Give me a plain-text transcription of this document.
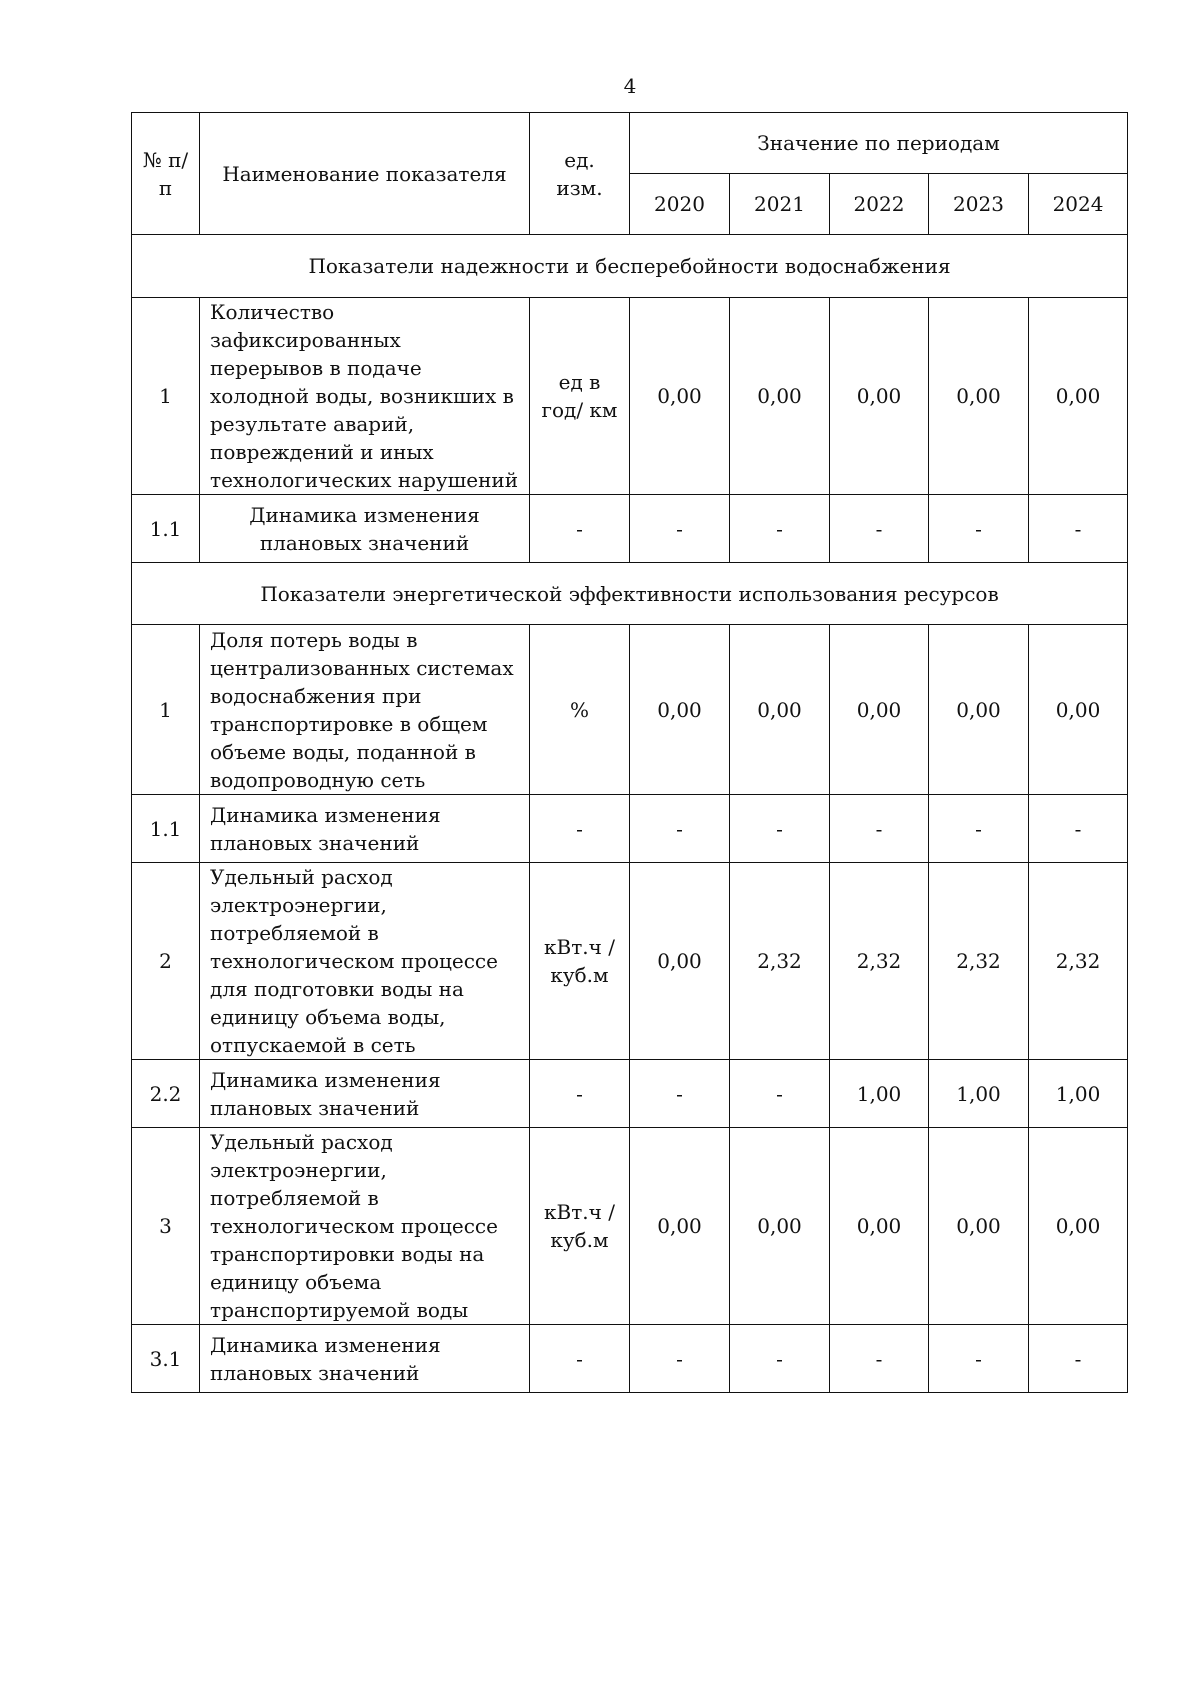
4
№ п/п	Наименование показателя	ед. изм.	Значение по периодам				
			2020	2021	2022	2023	2024
Показатели надежности и бесперебойности водоснабжения							
1	Количество зафиксированных перерывов в подаче холодной воды, возникших в результате аварий, повреждений и иных технологических нарушений	ед в год/ км	0,00	0,00	0,00	0,00	0,00
1.1	Динамика изменения плановых значений	-	-	-	-	-	-
Показатели энергетической эффективности использования ресурсов							
1	Доля потерь воды в централизованных системах водоснабжения при транспортировке в общем объеме воды, поданной в водопроводную сеть	%	0,00	0,00	0,00	0,00	0,00
1.1	Динамика изменения плановых значений	-	-	-	-	-	-
2	Удельный расход электроэнергии, потребляемой в технологическом процессе для подготовки воды на единицу объема воды, отпускаемой в сеть	кВт.ч / куб.м	0,00	2,32	2,32	2,32	2,32
2.2	Динамика изменения плановых значений	-	-	-	1,00	1,00	1,00
3	Удельный расход электроэнергии, потребляемой в технологическом процессе транспортировки воды на единицу объема транспортируемой воды	кВт.ч / куб.м	0,00	0,00	0,00	0,00	0,00
3.1	Динамика изменения плановых значений	-	-	-	-	-	-
